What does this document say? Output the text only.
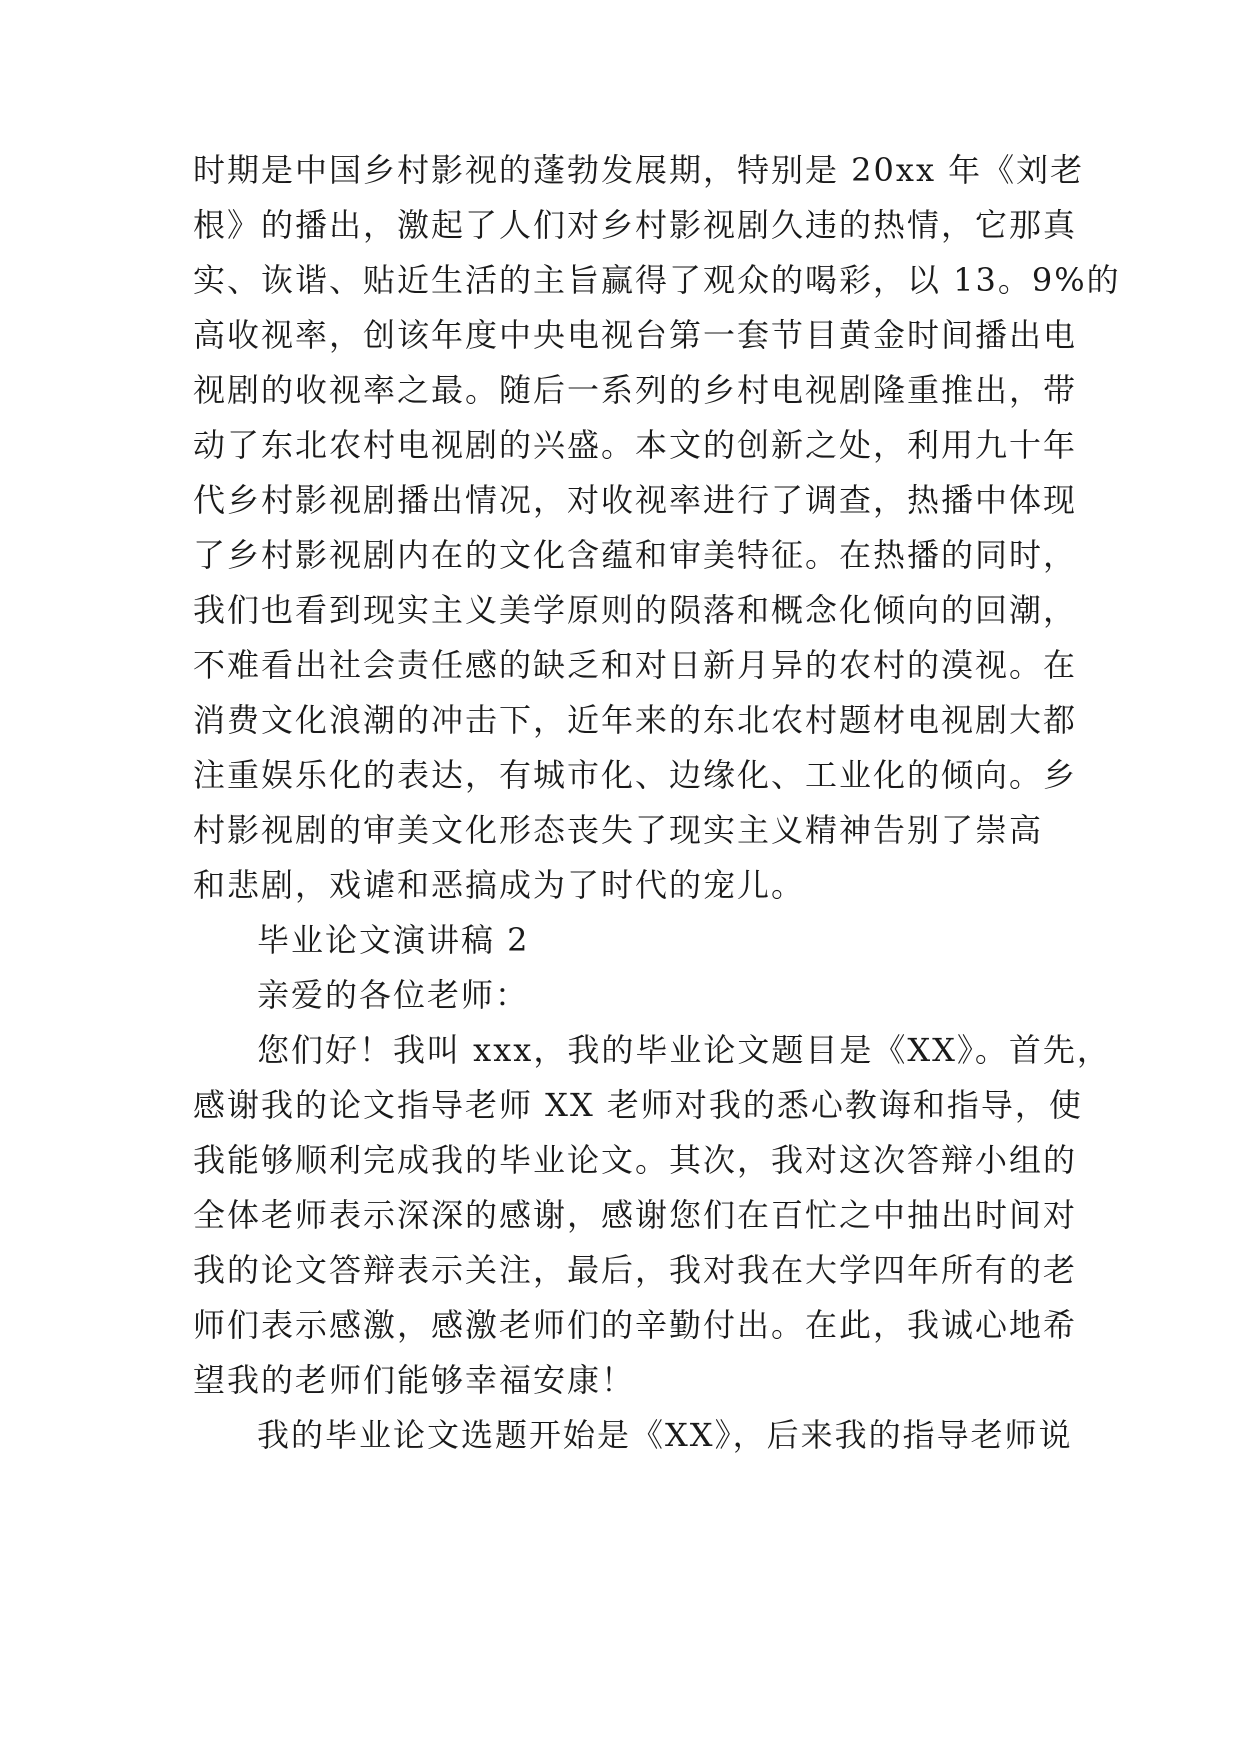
时期是中国乡村影视的蓬勃发展期，特别是 20xx 年《刘老
根》的播出，激起了人们对乡村影视剧久违的热情，它那真
实、诙谐、贴近生活的主旨赢得了观众的喝彩，以 13。9%的
高收视率，创该年度中央电视台第一套节目黄金时间播出电
视剧的收视率之最。随后一系列的乡村电视剧隆重推出，带
动了东北农村电视剧的兴盛。本文的创新之处，利用九十年
代乡村影视剧播出情况，对收视率进行了调查，热播中体现
了乡村影视剧内在的文化含蕴和审美特征。在热播的同时，
我们也看到现实主义美学原则的陨落和概念化倾向的回潮，
不难看出社会责任感的缺乏和对日新月异的农村的漠视。在
消费文化浪潮的冲击下，近年来的东北农村题材电视剧大都
注重娱乐化的表达，有城市化、边缘化、工业化的倾向。乡
村影视剧的审美文化形态丧失了现实主义精神告别了崇高
和悲剧，戏谑和恶搞成为了时代的宠儿。
毕业论文演讲稿 2
亲爱的各位老师：
您们好！我叫 xxx，我的毕业论文题目是《XX》。首先，
感谢我的论文指导老师 XX 老师对我的悉心教诲和指导，使
我能够顺利完成我的毕业论文。其次，我对这次答辩小组的
全体老师表示深深的感谢，感谢您们在百忙之中抽出时间对
我的论文答辩表示关注，最后，我对我在大学四年所有的老
师们表示感激，感激老师们的辛勤付出。在此，我诚心地希
望我的老师们能够幸福安康！
我的毕业论文选题开始是《XX》，后来我的指导老师说
